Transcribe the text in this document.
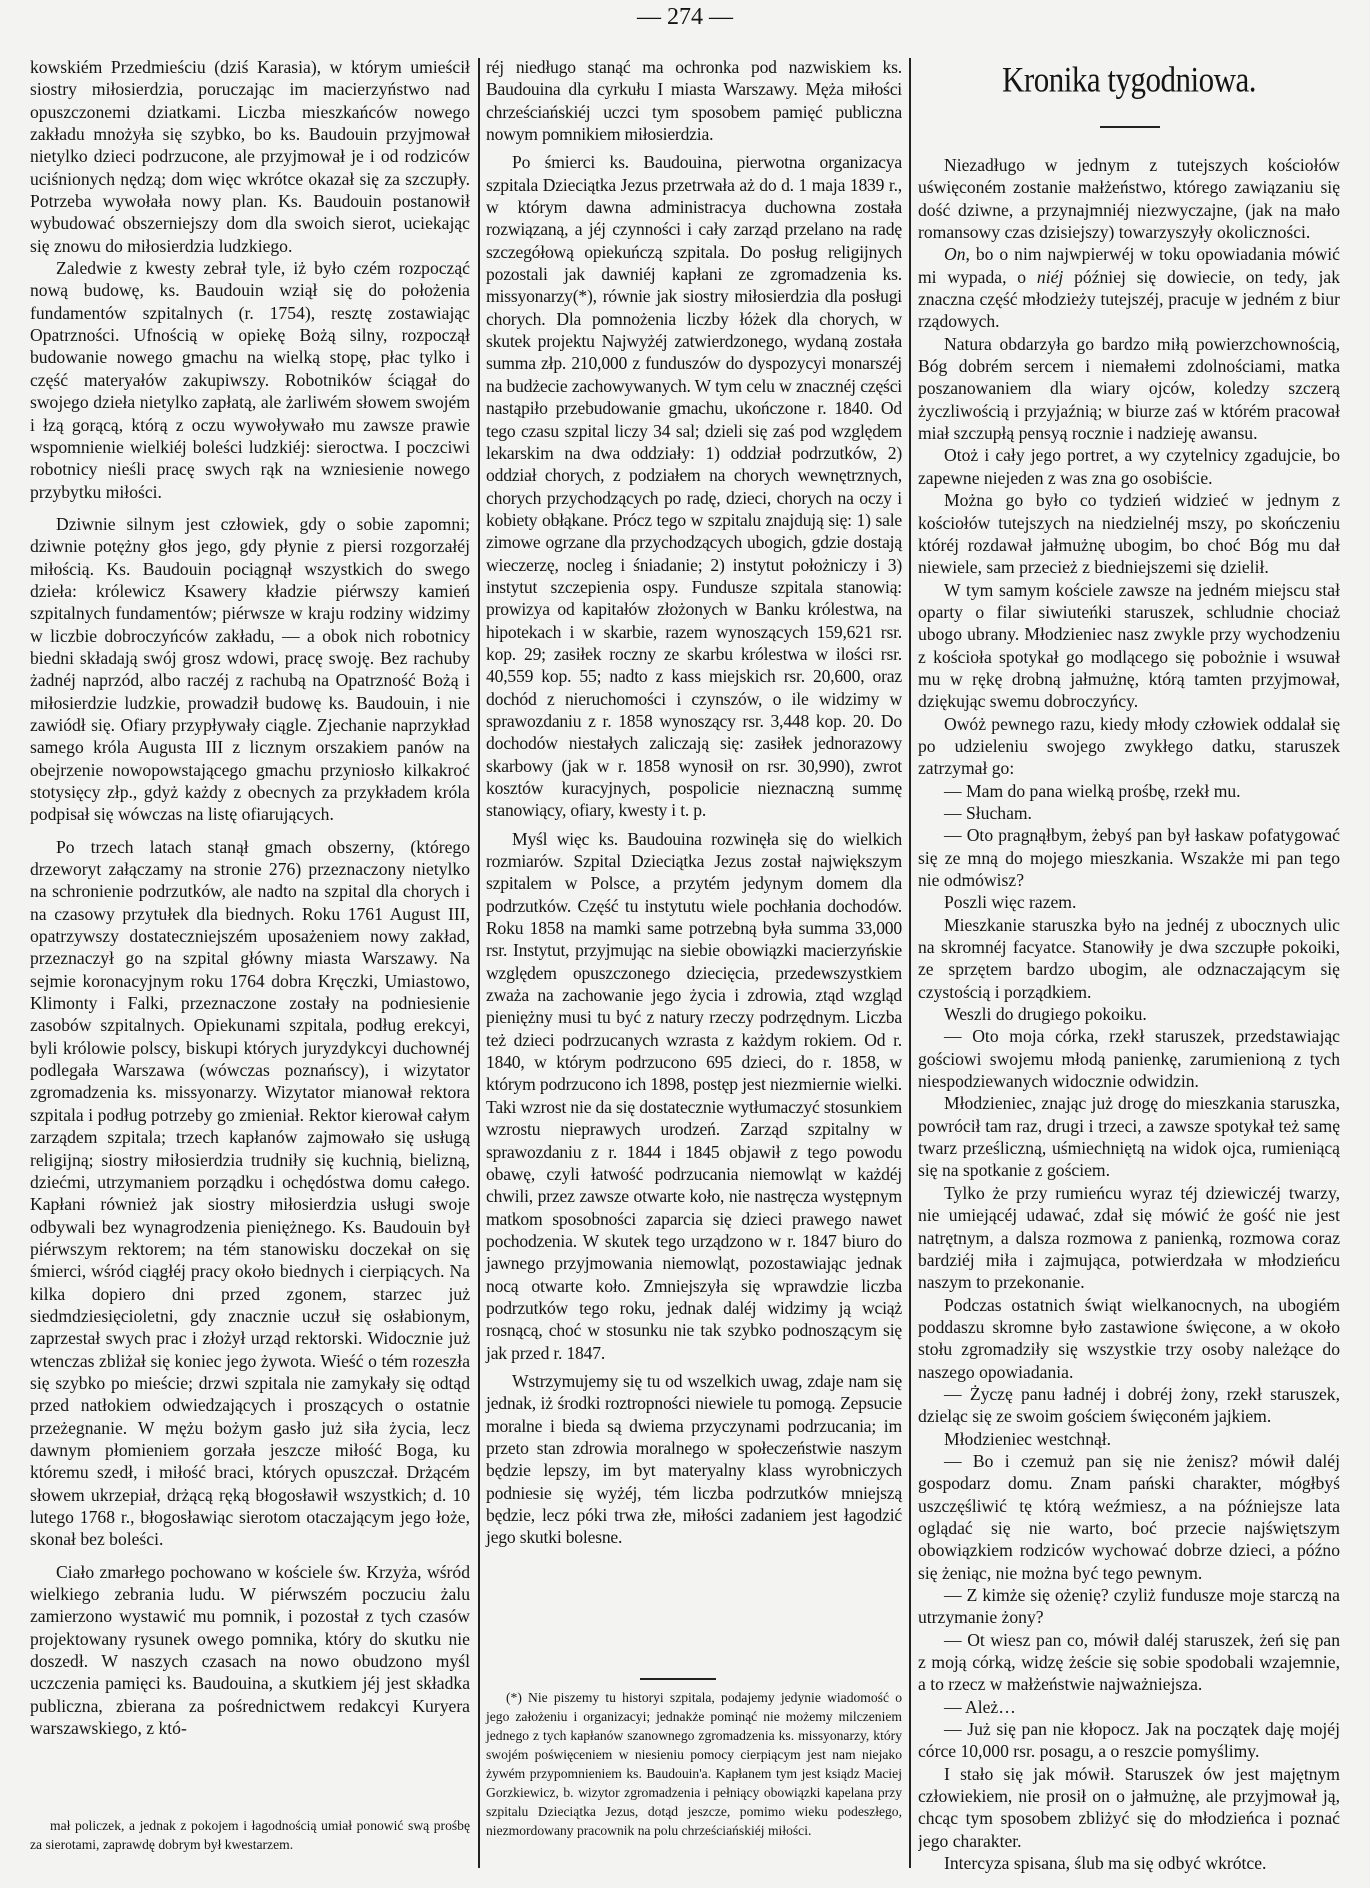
— 274 —

kowskiém Przedmieściu (dziś Karasia), w którym umieścił siostry miłosierdzia, poruczając im macierzyństwo nad opuszczonemi dziatkami. Liczba mieszkańców nowego zakładu mnożyła się szybko, bo ks. Baudouin przyjmował nietylko dzieci podrzucone, ale przyjmował je i od rodziców uciśnionych nędzą; dom więc wkrótce okazał się za szczupły. Potrzeba wywołała nowy plan. Ks. Baudouin postanowił wybudować obszerniejszy dom dla swoich sierot, uciekając się znowu do miłosierdzia ludzkiego.

Zaledwie z kwesty zebrał tyle, iż było czém rozpocząć nową budowę, ks. Baudouin wziął się do położenia fundamentów szpitalnych (r. 1754), resztę zostawiając Opatrzności. Ufnością w opiekę Bożą silny, rozpoczął budowanie nowego gmachu na wielką stopę, płac tylko i część materyałów zakupiwszy. Robotników ściągał do swojego dzieła nietylko zapłatą, ale żarliwém słowem swojém i łzą gorącą, którą z oczu wywoływało mu zawsze prawie wspomnienie wielkiéj boleści ludzkiéj: sieroctwa. I poczciwi robotnicy nieśli pracę swych rąk na wzniesienie nowego przybytku miłości.

Dziwnie silnym jest człowiek, gdy o sobie zapomni; dziwnie potężny głos jego, gdy płynie z piersi rozgorzałéj miłością. Ks. Baudouin pociągnął wszystkich do swego dzieła: królewicz Ksawery kładzie piérwszy kamień szpitalnych fundamentów; piérwsze w kraju rodziny widzimy w liczbie dobroczyńców zakładu, — a obok nich robotnicy biedni składają swój grosz wdowi, pracę swoję. Bez rachuby żadnéj naprzód, albo raczéj z rachubą na Opatrzność Bożą i miłosierdzie ludzkie, prowadził budowę ks. Baudouin, i nie zawiódł się. Ofiary przypływały ciągle. Zjechanie naprzykład samego króla Augusta III z licznym orszakiem panów na obejrzenie nowopowstającego gmachu przyniosło kilkakroć stotysięcy złp., gdyż każdy z obecnych za przykładem króla podpisał się wówczas na listę ofiarujących.

Po trzech latach stanął gmach obszerny, (którego drzeworyt załączamy na stronie 276) przeznaczony nietylko na schronienie podrzutków, ale nadto na szpital dla chorych i na czasowy przytułek dla biednych. Roku 1761 August III, opatrzywszy dostateczniejszém uposażeniem nowy zakład, przeznaczył go na szpital główny miasta Warszawy. Na sejmie koronacyjnym roku 1764 dobra Kręczki, Umiastowo, Klimonty i Falki, przeznaczone zostały na podniesienie zasobów szpitalnych. Opiekunami szpitala, podług erekcyi, byli królowie polscy, biskupi których juryzdykcyi duchownéj podlegała Warszawa (wówczas poznańscy), i wizytator zgromadzenia ks. missyonarzy. Wizytator mianował rektora szpitala i podług potrzeby go zmieniał. Rektor kierował całym zarządem szpitala; trzech kapłanów zajmowało się usługą religijną; siostry miłosierdzia trudniły się kuchnią, bielizną, dziećmi, utrzymaniem porządku i ochędóstwa domu całego. Kapłani również jak siostry miłosierdzia usługi swoje odbywali bez wynagrodzenia pieniężnego. Ks. Baudouin był piérwszym rektorem; na tém stanowisku doczekał on się śmierci, wśród ciągłéj pracy około biednych i cierpiących. Na kilka dopiero dni przed zgonem, starzec już siedmdziesięcioletni, gdy znacznie uczuł się osłabionym, zaprzestał swych prac i złożył urząd rektorski. Widocznie już wtenczas zbliżał się koniec jego żywota. Wieść o tém rozeszła się szybko po mieście; drzwi szpitala nie zamykały się odtąd przed natłokiem odwiedzających i proszących o ostatnie przeżegnanie. W mężu bożym gasło już siła życia, lecz dawnym płomieniem gorzała jeszcze miłość Boga, ku któremu szedł, i miłość braci, których opuszczał. Drżącém słowem ukrzepiał, drżącą ręką błogosławił wszystkich; d. 10 lutego 1768 r., błogosławiąc sierotom otaczającym jego łoże, skonał bez boleści.

Ciało zmarłego pochowano w kościele św. Krzyża, wśród wielkiego zebrania ludu. W piérwszém poczuciu żalu zamierzono wystawić mu pomnik, i pozostał z tych czasów projektowany rysunek owego pomnika, który do skutku nie doszedł. W naszych czasach na nowo obudzono myśl uczczenia pamięci ks. Baudouina, a skutkiem jéj jest składka publiczna, zbierana za pośrednictwem redakcyi Kuryera warszawskiego, z któ-

mał policzek, a jednak z pokojem i łagodnością umiał ponowić swą prośbę za sierotami, zaprawdę dobrym był kwestarzem.

réj niedługo stanąć ma ochronka pod nazwiskiem ks. Baudouina dla cyrkułu I miasta Warszawy. Męża miłości chrześciańskiéj uczci tym sposobem pamięć publiczna nowym pomnikiem miłosierdzia.

Po śmierci ks. Baudouina, pierwotna organizacya szpitala Dzieciątka Jezus przetrwała aż do d. 1 maja 1839 r., w którym dawna administracya duchowna została rozwiązaną, a jéj czynności i cały zarząd przelano na radę szczegółową opiekuńczą szpitala. Do posług religijnych pozostali jak dawniéj kapłani ze zgromadzenia ks. missyonarzy(*), równie jak siostry miłosierdzia dla posługi chorych. Dla pomnożenia liczby łóżek dla chorych, w skutek projektu Najwyżéj zatwierdzonego, wydaną została summa złp. 210,000 z funduszów do dyspozycyi monarszéj na budżecie zachowywanych. W tym celu w znacznéj części nastąpiło przebudowanie gmachu, ukończone r. 1840. Od tego czasu szpital liczy 34 sal; dzieli się zaś pod względem lekarskim na dwa oddziały: 1) oddział podrzutków, 2) oddział chorych, z podziałem na chorych wewnętrznych, chorych przychodzących po radę, dzieci, chorych na oczy i kobiety obłąkane. Prócz tego w szpitalu znajdują się: 1) sale zimowe ogrzane dla przychodzących ubogich, gdzie dostają wieczerzę, nocleg i śniadanie; 2) instytut położniczy i 3) instytut szczepienia ospy. Fundusze szpitala stanowią: prowizya od kapitałów złożonych w Banku królestwa, na hipotekach i w skarbie, razem wynoszących 159,621 rsr. kop. 29; zasiłek roczny ze skarbu królestwa w ilości rsr. 40,559 kop. 55; nadto z kass miejskich rsr. 20,600, oraz dochód z nieruchomości i czynszów, o ile widzimy w sprawozdaniu z r. 1858 wynoszący rsr. 3,448 kop. 20. Do dochodów niestałych zaliczają się: zasiłek jednorazowy skarbowy (jak w r. 1858 wynosił on rsr. 30,990), zwrot kosztów kuracyjnych, pospolicie nieznaczną summę stanowiący, ofiary, kwesty i t. p.

Myśl więc ks. Baudouina rozwinęła się do wielkich rozmiarów. Szpital Dzieciątka Jezus został największym szpitalem w Polsce, a przytém jedynym domem dla podrzutków. Część tu instytutu wiele pochłania dochodów. Roku 1858 na mamki same potrzebną była summa 33,000 rsr. Instytut, przyjmując na siebie obowiązki macierzyńskie względem opuszczonego dziecięcia, przedewszystkiem zważa na zachowanie jego życia i zdrowia, ztąd wzgląd pieniężny musi tu być z natury rzeczy podrzędnym. Liczba też dzieci podrzucanych wzrasta z każdym rokiem. Od r. 1840, w którym podrzucono 695 dzieci, do r. 1858, w którym podrzucono ich 1898, postęp jest niezmiernie wielki. Taki wzrost nie da się dostatecznie wytłumaczyć stosunkiem wzrostu nieprawych urodzeń. Zarząd szpitalny w sprawozdaniu z r. 1844 i 1845 objawił z tego powodu obawę, czyli łatwość podrzucania niemowląt w każdéj chwili, przez zawsze otwarte koło, nie nastręcza występnym matkom sposobności zaparcia się dzieci prawego nawet pochodzenia. W skutek tego urządzono w r. 1847 biuro do jawnego przyjmowania niemowląt, pozostawiając jednak nocą otwarte koło. Zmniejszyła się wprawdzie liczba podrzutków tego roku, jednak daléj widzimy ją wciąż rosnącą, choć w stosunku nie tak szybko podnoszącym się jak przed r. 1847.

Wstrzymujemy się tu od wszelkich uwag, zdaje nam się jednak, iż środki roztropności niewiele tu pomogą. Zepsucie moralne i bieda są dwiema przyczynami podrzucania; im przeto stan zdrowia moralnego w społeczeństwie naszym będzie lepszy, im byt materyalny klass wyrobniczych podniesie się wyżéj, tém liczba podrzutków mniejszą będzie, lecz póki trwa złe, miłości zadaniem jest łagodzić jego skutki bolesne.

(*) Nie piszemy tu historyi szpitala, podajemy jedynie wiadomość o jego założeniu i organizacyi; jednakże pominąć nie możemy milczeniem jednego z tych kapłanów szanownego zgromadzenia ks. missyonarzy, który swojém poświęceniem w niesieniu pomocy cierpiącym jest nam niejako żywém przypomnieniem ks. Baudouin'a. Kapłanem tym jest ksiądz Maciej Gorzkiewicz, b. wizytor zgromadzenia i pełniący obowiązki kapelana przy szpitalu Dzieciątka Jezus, dotąd jeszcze, pomimo wieku podeszłego, niezmordowany pracownik na polu chrześciańskiéj miłości.

Kronika tygodniowa.

Niezadługo w jednym z tutejszych kościołów uświęconém zostanie małżeństwo, którego zawiązaniu się dość dziwne, a przynajmniéj niezwyczajne, (jak na mało romansowy czas dzisiejszy) towarzyszyły okoliczności.

On, bo o nim najwpierwéj w toku opowiadania mówić mi wypada, o niéj później się dowiecie, on tedy, jak znaczna część młodzieży tutejszéj, pracuje w jedném z biur rządowych.

Natura obdarzyła go bardzo miłą powierzchownością, Bóg dobrém sercem i niemałemi zdolnościami, matka poszanowaniem dla wiary ojców, koledzy szczerą życzliwością i przyjaźnią; w biurze zaś w którém pracował miał szczupłą pensyą rocznie i nadzieję awansu.

Otoż i cały jego portret, a wy czytelnicy zgadujcie, bo zapewne niejeden z was zna go osobiście.

Można go było co tydzień widzieć w jednym z kościołów tutejszych na niedzielnéj mszy, po skończeniu któréj rozdawał jałmużnę ubogim, bo choć Bóg mu dał niewiele, sam przecież z biedniejszemi się dzielił.

W tym samym kościele zawsze na jedném miejscu stał oparty o filar siwiuteńki staruszek, schludnie chociaż ubogo ubrany. Młodzieniec nasz zwykle przy wychodzeniu z kościoła spotykał go modlącego się pobożnie i wsuwał mu w rękę drobną jałmużnę, którą tamten przyjmował, dziękując swemu dobroczyńcy.

Owóż pewnego razu, kiedy młody człowiek oddalał się po udzieleniu swojego zwykłego datku, staruszek zatrzymał go:

— Mam do pana wielką prośbę, rzekł mu.

— Słucham.

— Oto pragnąłbym, żebyś pan był łaskaw pofatygować się ze mną do mojego mieszkania. Wszakże mi pan tego nie odmówisz?

Poszli więc razem.

Mieszkanie staruszka było na jednéj z ubocznych ulic na skromnéj facyatce. Stanowiły je dwa szczupłe pokoiki, ze sprzętem bardzo ubogim, ale odznaczającym się czystością i porządkiem.

Weszli do drugiego pokoiku.

— Oto moja córka, rzekł staruszek, przedstawiając gościowi swojemu młodą panienkę, zarumienioną z tych niespodziewanych widocznie odwidzin.

Młodzieniec, znając już drogę do mieszkania staruszka, powrócił tam raz, drugi i trzeci, a zawsze spotykał też samę twarz prześliczną, uśmiechniętą na widok ojca, rumieniącą się na spotkanie z gościem.

Tylko że przy rumieńcu wyraz téj dziewiczéj twarzy, nie umiejącéj udawać, zdał się mówić że gość nie jest natrętnym, a dalsza rozmowa z panienką, rozmowa coraz bardziéj miła i zajmująca, potwierdzała w młodzieńcu naszym to przekonanie.

Podczas ostatnich świąt wielkanocnych, na ubogiém poddaszu skromne było zastawione święcone, a w około stołu zgromadziły się wszystkie trzy osoby należące do naszego opowiadania.

— Życzę panu ładnéj i dobréj żony, rzekł staruszek, dzieląc się ze swoim gościem święconém jajkiem.

Młodzieniec westchnął.

— Bo i czemuż pan się nie żenisz? mówił daléj gospodarz domu. Znam pański charakter, mógłbyś uszczęśliwić tę którą weźmiesz, a na późniejsze lata oglądać się nie warto, boć przecie najświętszym obowiązkiem rodziców wychować dobrze dzieci, a późno się żeniąc, nie można być tego pewnym.

— Z kimże się ożenię? czyliż fundusze moje starczą na utrzymanie żony?

— Ot wiesz pan co, mówił daléj staruszek, żeń się pan z moją córką, widzę żeście się sobie spodobali wzajemnie, a to rzecz w małżeństwie najważniejsza.

— Ależ…

— Już się pan nie kłopocz. Jak na początek daję mojéj córce 10,000 rsr. posagu, a o reszcie pomyślimy.

I stało się jak mówił. Staruszek ów jest majętnym człowiekiem, nie prosił on o jałmużnę, ale przyjmował ją, chcąc tym sposobem zbliżyć się do młodzieńca i poznać jego charakter.

Intercyza spisana, ślub ma się odbyć wkrótce.
